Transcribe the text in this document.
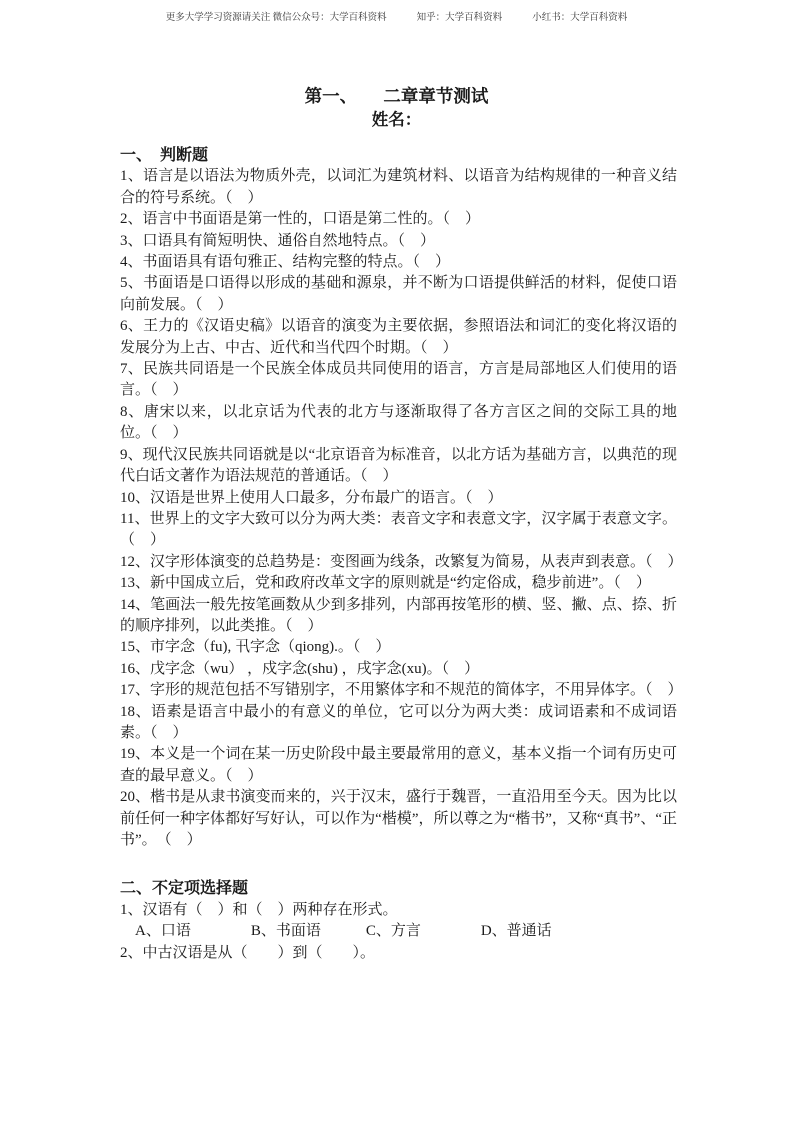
更多大学学习资源请关注 微信公众号：大学百科资料	知乎：大学百科资料	小红书：大学百科资料
第一、　　二章章节测试
姓名：
一、　判断题
1、语言是以语法为物质外壳，以词汇为建筑材料、以语音为结构规律的一种音义结合的符号系统。（　）
2、语言中书面语是第一性的，口语是第二性的。（　）
3、口语具有简短明快、通俗自然地特点。（　）
4、书面语具有语句雅正、结构完整的特点。（　）
5、书面语是口语得以形成的基础和源泉，并不断为口语提供鲜活的材料，促使口语向前发展。（　）
6、王力的《汉语史稿》以语音的演变为主要依据，参照语法和词汇的变化将汉语的发展分为上古、中古、近代和当代四个时期。（　）
7、民族共同语是一个民族全体成员共同使用的语言，方言是局部地区人们使用的语言。（　）
8、唐宋以来，以北京话为代表的北方与逐渐取得了各方言区之间的交际工具的地位。（　）
9、现代汉民族共同语就是以“北京语音为标准音，以北方话为基础方言，以典范的现代白话文著作为语法规范的普通话。（　）
10、汉语是世界上使用人口最多，分布最广的语言。（　）
11、世界上的文字大致可以分为两大类：表音文字和表意文字，汉字属于表意文字。（　）
12、汉字形体演变的总趋势是：变图画为线条，改繁复为简易，从表声到表意。（　）
13、新中国成立后，党和政府改革文字的原则就是“约定俗成，稳步前进”。（　）
14、笔画法一般先按笔画数从少到多排列，内部再按笔形的横、竖、撇、点、捺、折的顺序排列，以此类推。（　）
15、市字念（fu), 卂字念（qiong).。（　）
16、戊字念（wu） ，戍字念(shu) ，戌字念(xu)。（　）
17、字形的规范包括不写错别字，不用繁体字和不规范的简体字，不用异体字。（　）
18、语素是语言中最小的有意义的单位，它可以分为两大类：成词语素和不成词语素。（　）
19、本义是一个词在某一历史阶段中最主要最常用的意义，基本义指一个词有历史可查的最早意义。（　）
20、楷书是从隶书演变而来的，兴于汉末，盛行于魏晋，一直沿用至今天。因为比以前任何一种字体都好写好认，可以作为“楷模”，所以尊之为“楷书”，又称“真书”、“正书”。　（　）
二、不定项选择题
1、汉语有（　）和（　）两种存在形式。
　A、口语　　　　B、书面语　　　C、方言　　　　D、普通话
2、中古汉语是从（　　）到（　　）。
